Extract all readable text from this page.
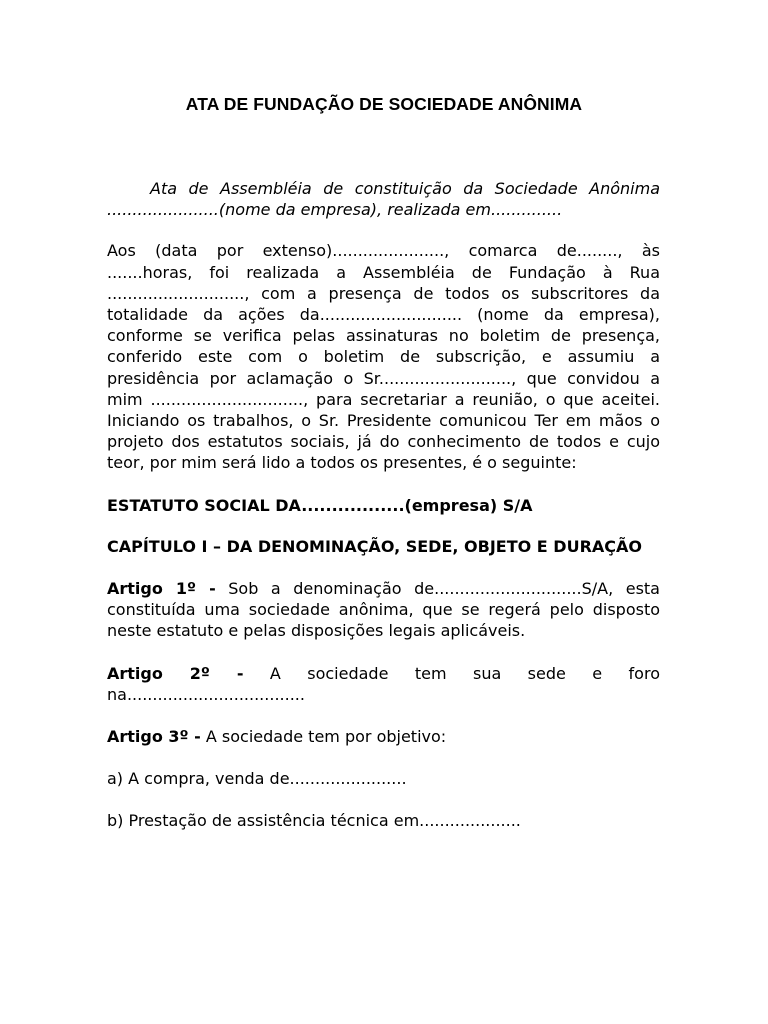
ATA DE FUNDAÇÃO DE SOCIEDADE ANÔNIMA

Ata de Assembléia de constituição da Sociedade Anônima ......................(nome da empresa), realizada em..............

Aos (data por extenso)......................, comarca de........, às .......horas, foi realizada a Assembléia de Fundação à Rua ..........................., com a presença de todos os subscritores da totalidade da ações da............................ (nome da empresa), conforme se verifica pelas assinaturas no boletim de presença, conferido este com o boletim de subscrição, e assumiu a presidência por aclamação o Sr.........................., que convidou a mim .............................., para secretariar a reunião, o que aceitei. Iniciando os trabalhos, o Sr. Presidente comunicou Ter em mãos o projeto dos estatutos sociais, já do conhecimento de todos e cujo teor, por mim será lido a todos os presentes, é o seguinte:

ESTATUTO SOCIAL DA.................(empresa) S/A

CAPÍTULO I – DA DENOMINAÇÃO, SEDE, OBJETO E DURAÇÃO

Artigo 1º - Sob a denominação de.............................S/A, esta constituída uma sociedade anônima, que se regerá pelo disposto neste estatuto e pelas disposições legais aplicáveis.

Artigo 2º - A sociedade tem sua sede e foro na...................................

Artigo 3º - A sociedade tem por objetivo:

a) A compra, venda de.......................

b) Prestação de assistência técnica em....................
